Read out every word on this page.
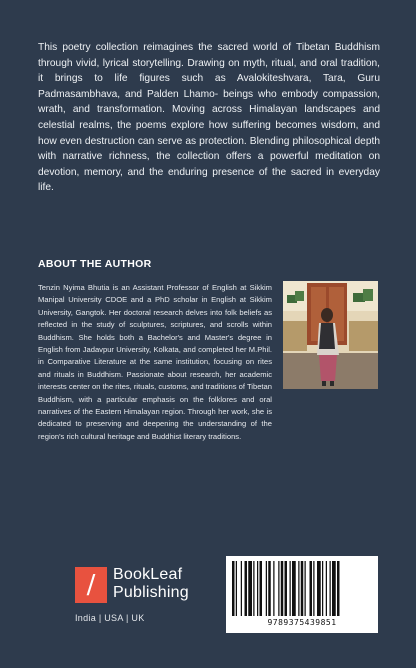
This poetry collection reimagines the sacred world of Tibetan Buddhism through vivid, lyrical storytelling. Drawing on myth, ritual, and oral tradition, it brings to life figures such as Avalokiteshvara, Tara, Guru Padmasambhava, and Palden Lhamo- beings who embody compassion, wrath, and transformation. Moving across Himalayan landscapes and celestial realms, the poems explore how suffering becomes wisdom, and how even destruction can serve as protection. Blending philosophical depth with narrative richness, the collection offers a powerful meditation on devotion, memory, and the enduring presence of the sacred in everyday life.
ABOUT THE AUTHOR
Tenzin Nyima Bhutia is an Assistant Professor of English at Sikkim Manipal University CDOE and a PhD scholar in English at Sikkim University, Gangtok. Her doctoral research delves into folk beliefs as reflected in the study of sculptures, scriptures, and scrolls within Buddhism. She holds both a Bachelor's and Master's degree in English from Jadavpur University, Kolkata, and completed her M.Phil. in Comparative Literature at the same institution, focusing on rites and rituals in Buddhism. Passionate about research, her academic interests center on the rites, rituals, customs, and traditions of Tibetan Buddhism, with a particular emphasis on the folklores and oral narratives of the Eastern Himalayan region. Through her work, she is dedicated to preserving and deepening the understanding of the region's rich cultural heritage and Buddhist literary traditions.
/	BookLeaf
Publishing
India | USA | UK	9789375439851
